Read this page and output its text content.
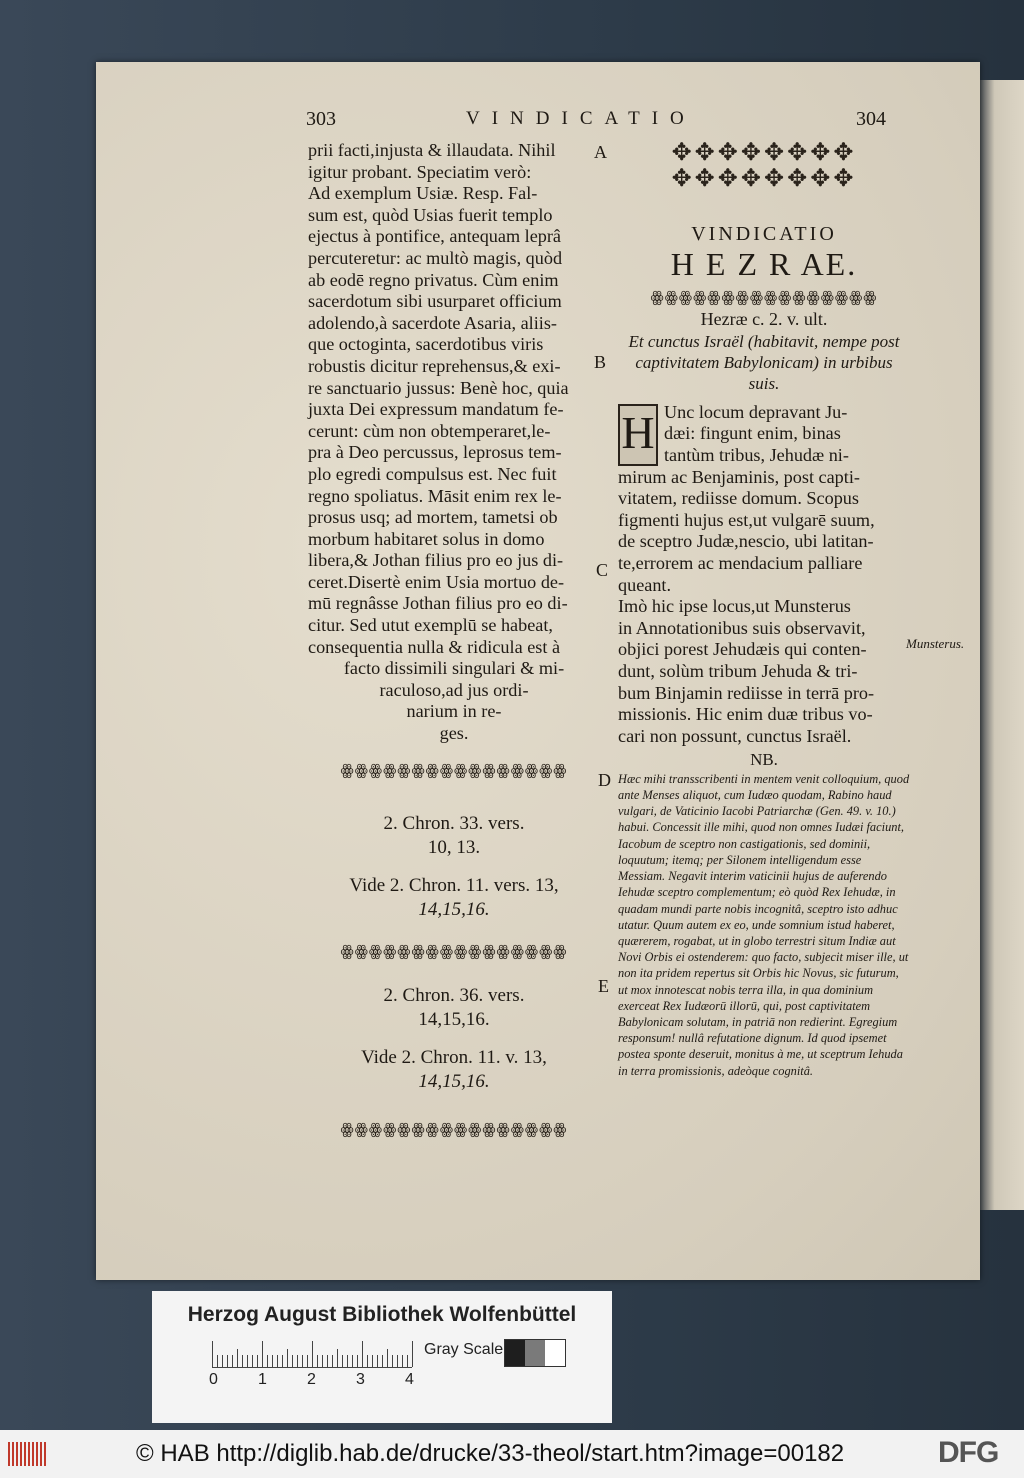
303	VINDICATIO	304

prii facti,injusta & illaudata. Nihil

igitur probant. Speciatim verò:

Ad exemplum Usiæ. Resp. Fal-

sum est, quòd Usias fuerit templo

ejectus à pontifice, antequam leprâ

percuteretur: ac multò magis, quòd

ab eodē regno privatus. Cùm enim

sacerdotum sibi usurparet officium

adolendo,à sacerdote Asaria, aliis-

que octoginta, sacerdotibus viris

robustis dicitur reprehensus,& exi-

re sanctuario jussus: Benè hoc, quia

juxta Dei expressum mandatum fe-

cerunt: cùm non obtemperaret,le-

pra à Deo percussus, leprosus tem-

plo egredi compulsus est. Nec fuit

regno spoliatus. Māsit enim rex le-

prosus usq; ad mortem, tametsi ob

morbum habitaret solus in domo

libera,& Jothan filius pro eo jus di-

ceret.Disertè enim Usia mortuo de-

mū regnâsse Jothan filius pro eo di-

citur. Sed utut exemplū se habeat,

consequentia nulla & ridicula est à

facto dissimili singulari & mi-

raculoso,ad jus ordi-

narium in re-

ges.

ꙮꙮꙮꙮꙮꙮꙮꙮꙮꙮꙮꙮꙮꙮꙮꙮ
2. Chron. 33. vers.
10, 13.
Vide 2. Chron. 11. vers. 13,
14,15,16.
ꙮꙮꙮꙮꙮꙮꙮꙮꙮꙮꙮꙮꙮꙮꙮꙮ
2. Chron. 36. vers.
14,15,16.
Vide 2. Chron. 11. v. 13,
14,15,16.
ꙮꙮꙮꙮꙮꙮꙮꙮꙮꙮꙮꙮꙮꙮꙮꙮ
A
B
C
D
E
Munsterus.
✥✥✥✥✥✥✥✥
✥✥✥✥✥✥✥✥
VINDICATIO
H E Z R AE.
ꙮꙮꙮꙮꙮꙮꙮꙮꙮꙮꙮꙮꙮꙮꙮꙮ
Hezræ c. 2. v. ult.
Et cunctus Israël (habitavit, nempe post captivitatem Babylonicam) in urbibus suis.
H Unc locum depravant Ju-

dæi: fingunt enim, binas

tantùm tribus, Jehudæ ni-

mirum ac Benjaminis, post capti-

vitatem, rediisse domum. Scopus

figmenti hujus est,ut vulgarē suum,

de sceptro Judæ,nescio, ubi latitan-

te,errorem ac mendacium palliare

queant.

Imò hic ipse locus,ut Munsterus

in Annotationibus suis observavit,

objici porest Jehudæis qui conten-

dunt, solùm tribum Jehuda & tri-

bum Binjamin rediisse in terrā pro-

missionis. Hic enim duæ tribus vo-

cari non possunt, cunctus Israël.

NB.
Hæc mihi transscribenti in mentem venit colloquium, quod ante Menses aliquot, cum Iudæo quodam, Rabino haud vulgari, de Vaticinio Iacobi Patriarchæ (Gen. 49. v. 10.) habui. Concessit ille mihi, quod non omnes Iudæi faciunt, Iacobum de sceptro non castigationis, sed dominii, loquutum; itemq; per Silonem intelligendum esse Messiam. Negavit interim vaticinii hujus de auferendo Iehudæ sceptro complementum; eò quòd Rex Iehudæ, in quadam mundi parte nobis incognitâ, sceptro isto adhuc utatur. Quum autem ex eo, unde somnium istud haberet, quærerem, rogabat, ut in globo terrestri situm Indiæ aut Novi Orbis ei ostenderem: quo facto, subjecit miser ille, ut non ita pridem repertus sit Orbis hic Novus, sic futurum, ut mox innotescat nobis terra illa, in qua dominium exerceat Rex Iudæorū illorū, qui, post captivitatem Babylonicam solutam, in patriā non redierint. Egregium responsum! nullâ refutatione dignum. Id quod ipsemet postea sponte deseruit, monitus à me, ut sceptrum Iehuda in terra promissionis, adeòque cognitâ.
Herzog August Bibliothek Wolfenbüttel
0	1	2	3	4
Gray Scale
© HAB http://diglib.hab.de/drucke/33-theol/start.htm?image=00182	DFG
